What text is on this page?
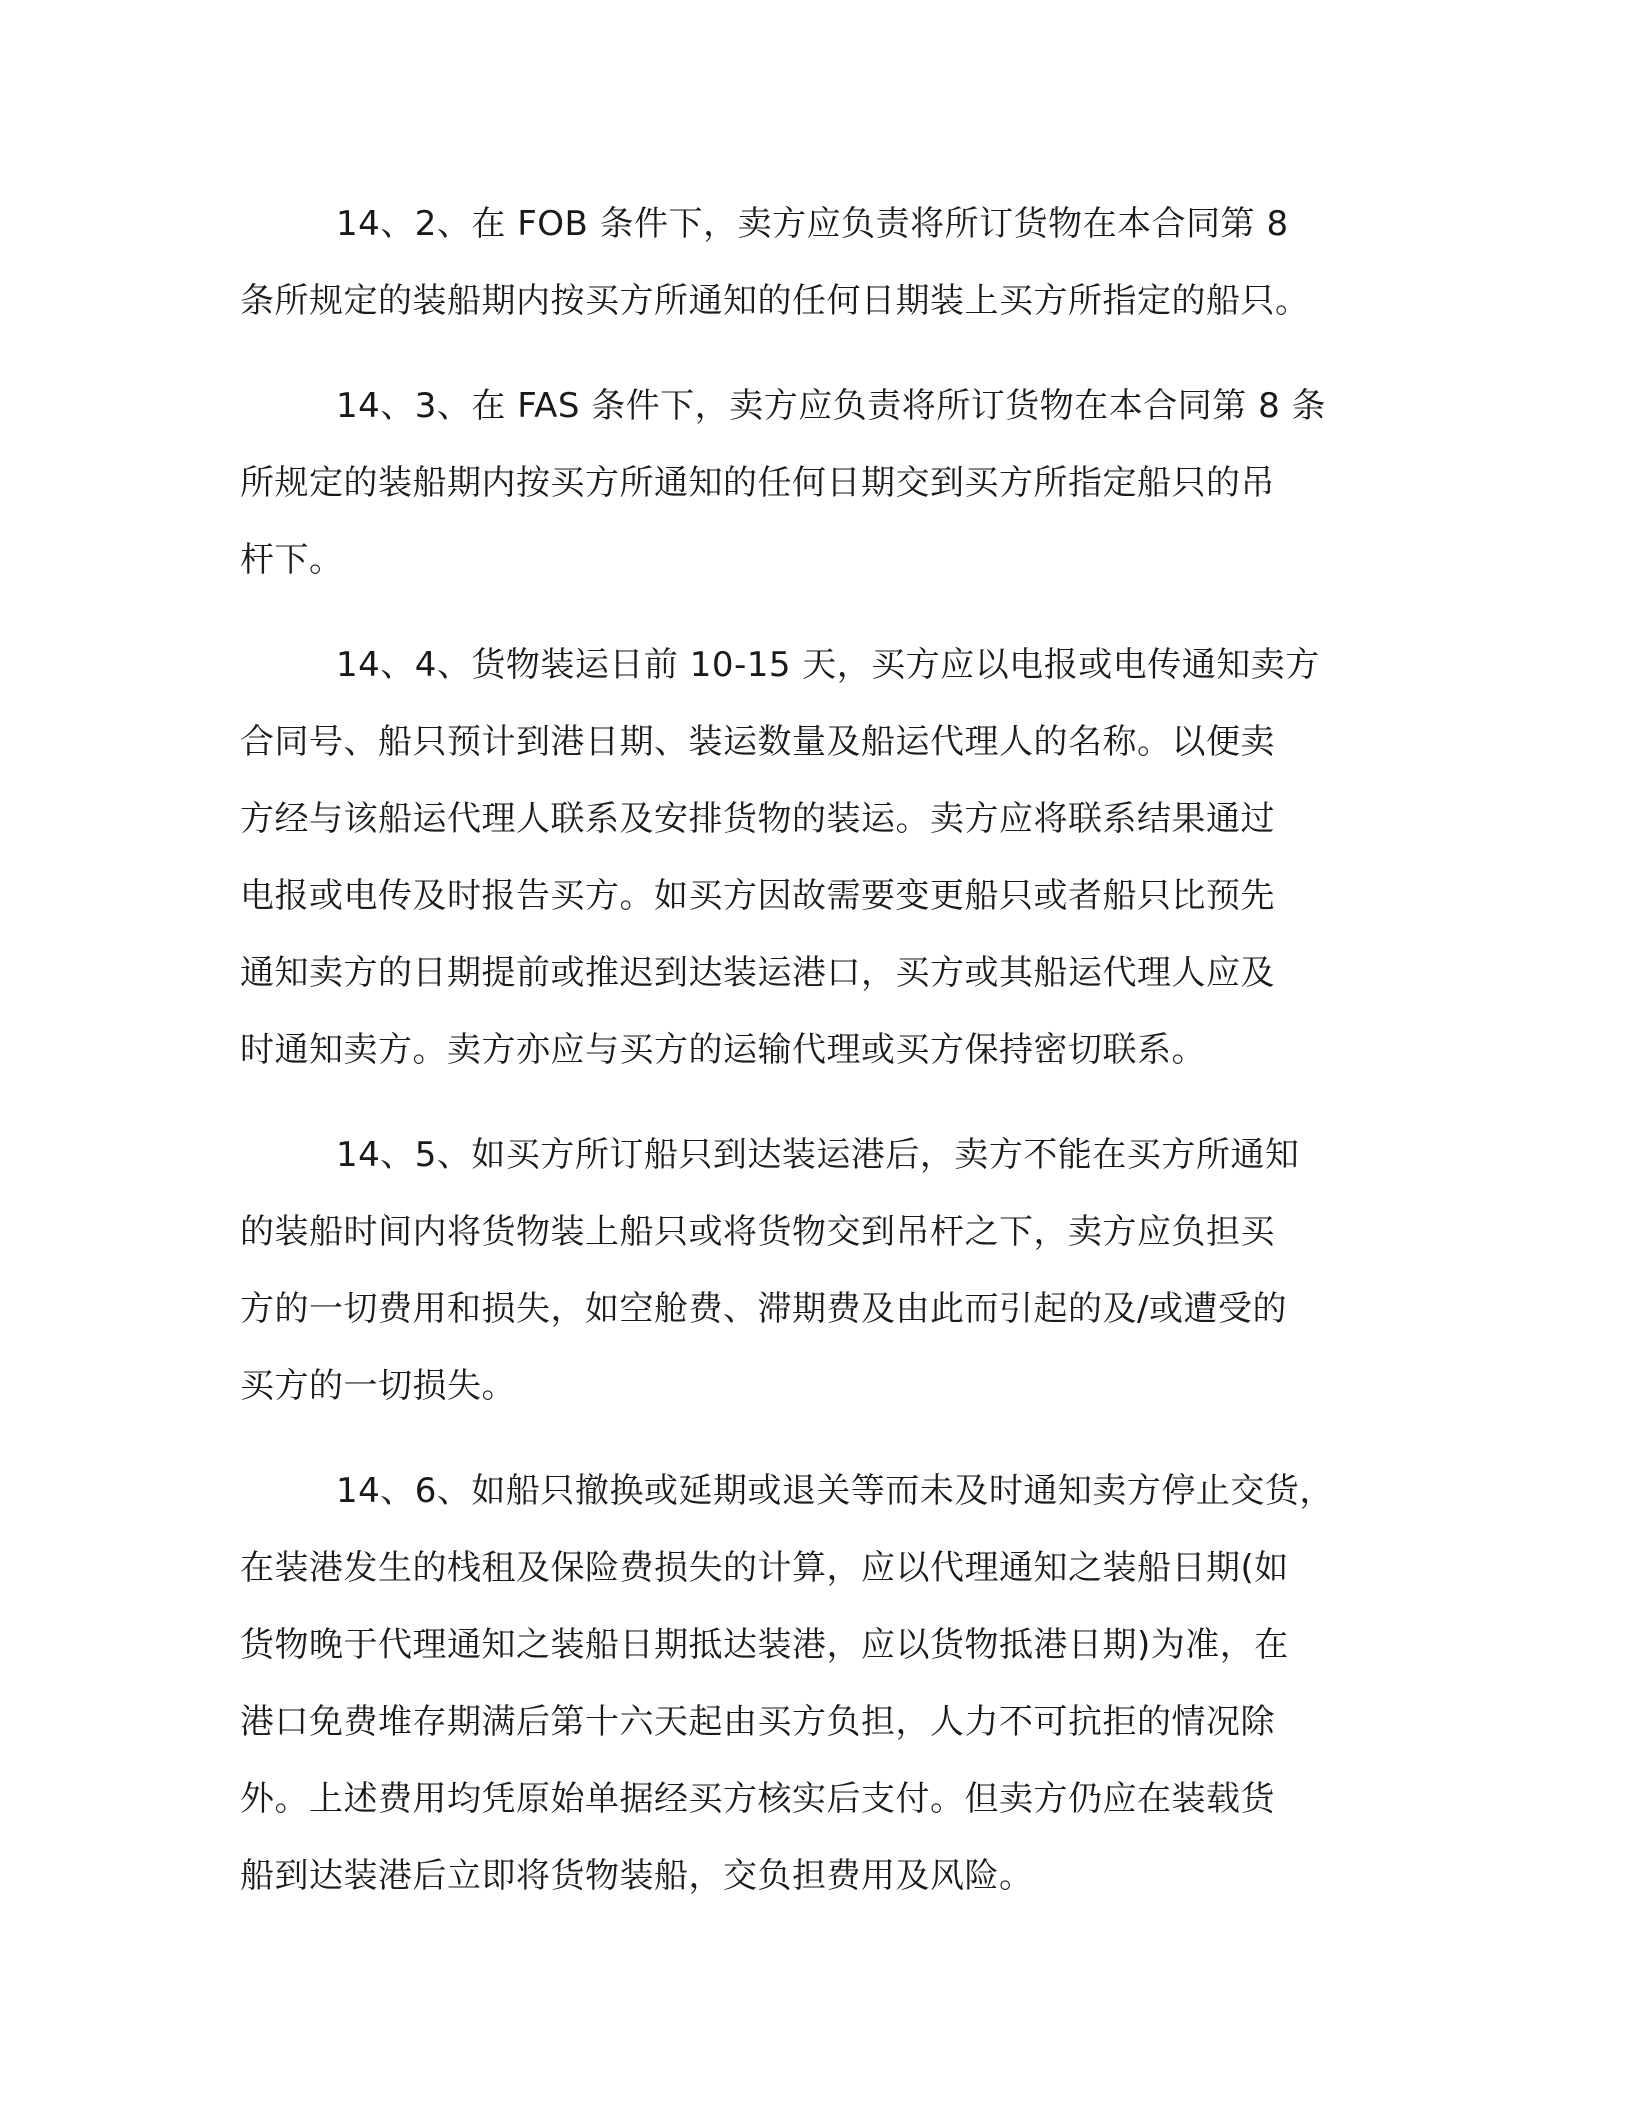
14、2、在 FOB 条件下，卖方应负责将所订货物在本合同第 8
条所规定的装船期内按买方所通知的任何日期装上买方所指定的船只。

14、3、在 FAS 条件下，卖方应负责将所订货物在本合同第 8 条
所规定的装船期内按买方所通知的任何日期交到买方所指定船只的吊
杆下。

14、4、货物装运日前 10-15 天，买方应以电报或电传通知卖方
合同号、船只预计到港日期、装运数量及船运代理人的名称。以便卖
方经与该船运代理人联系及安排货物的装运。卖方应将联系结果通过
电报或电传及时报告买方。如买方因故需要变更船只或者船只比预先
通知卖方的日期提前或推迟到达装运港口，买方或其船运代理人应及
时通知卖方。卖方亦应与买方的运输代理或买方保持密切联系。

14、5、如买方所订船只到达装运港后，卖方不能在买方所通知
的装船时间内将货物装上船只或将货物交到吊杆之下，卖方应负担买
方的一切费用和损失，如空舱费、滞期费及由此而引起的及/或遭受的
买方的一切损失。

14、6、如船只撤换或延期或退关等而未及时通知卖方停止交货，
在装港发生的栈租及保险费损失的计算，应以代理通知之装船日期(如
货物晚于代理通知之装船日期抵达装港，应以货物抵港日期)为准，在
港口免费堆存期满后第十六天起由买方负担，人力不可抗拒的情况除
外。上述费用均凭原始单据经买方核实后支付。但卖方仍应在装载货
船到达装港后立即将货物装船，交负担费用及风险。
